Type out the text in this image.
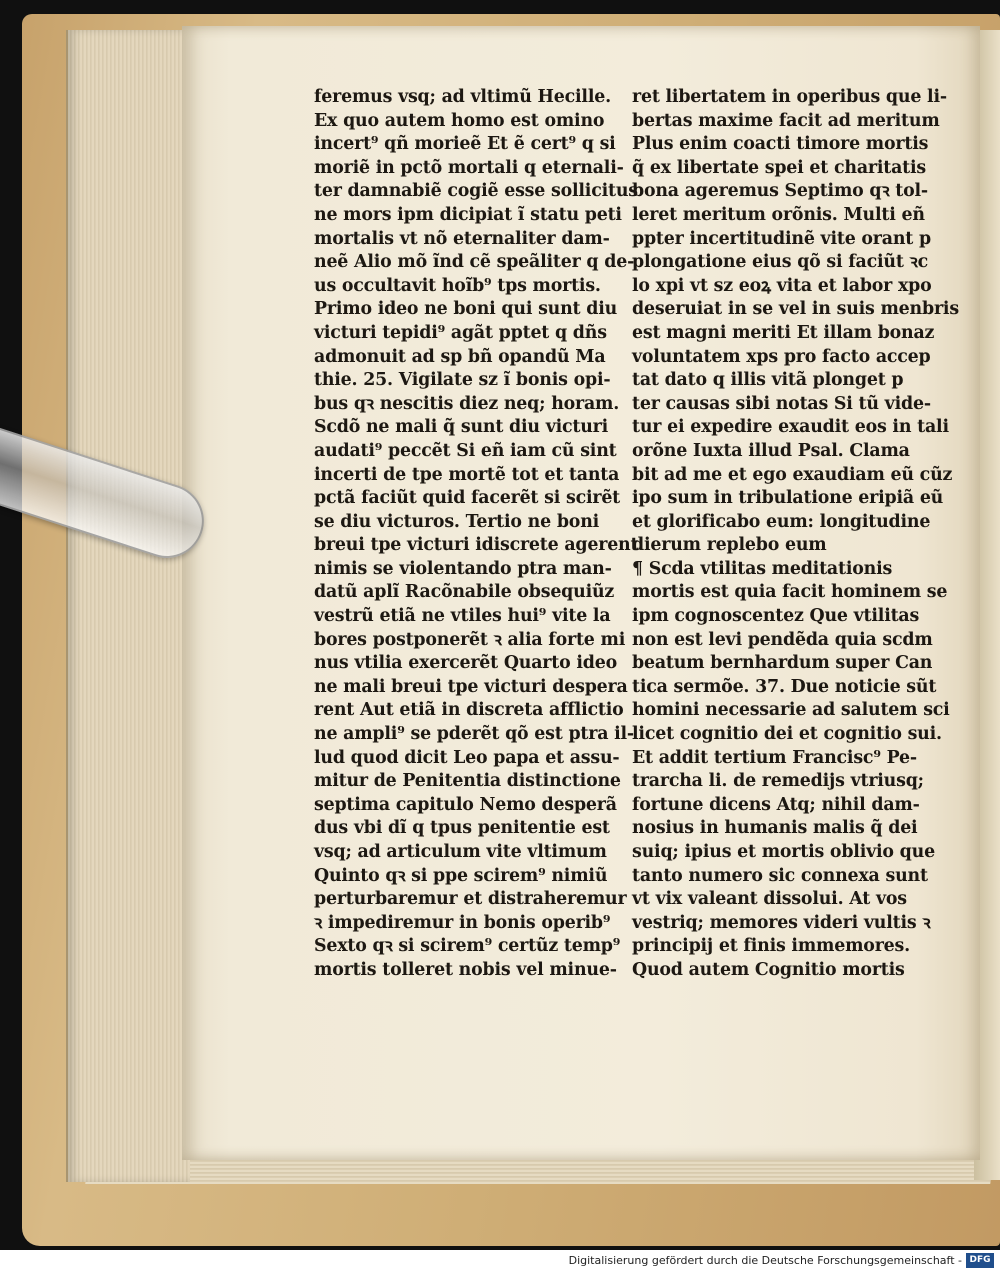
feremus vsq; ad vltimũ Hecille.
Ex quo autem homo est omino
incert⁹ qñ morieẽ Et ẽ cert⁹ q si
moriẽ in pctõ mortali q eternali-
ter damnabiẽ cogiẽ esse sollicitus
ne mors ipm dicipiat ĩ statu peti
mortalis vt nõ eternaliter dam-
neẽ Alio mõ ĩnd cẽ speãliter q de-
us occultavit hoĩb⁹ tps mortis.
Primo ideo ne boni qui sunt diu
victuri tepidi⁹ agãt pptet q dñs
admonuit ad sp bñ opandũ Ma
thie. 25. Vigilate sz ĩ bonis opi-
bus qꝛ nescitis diez neq; horam.
Scdõ ne mali q̃ sunt diu victuri
audati⁹ peccẽt Si eñ iam cũ sint
incerti de tpe mortẽ tot et tanta
pctã faciũt quid facerẽt si scirẽt
se diu victuros. Tertio ne boni
breui tpe victuri idiscrete agerent
nimis se violentando ptra man-
datũ aplĩ Racõnabile obsequiũz
vestrũ etiã ne vtiles hui⁹ vite la
bores postponerẽt ꝛ alia forte mi
nus vtilia exercerẽt Quarto ideo
ne mali breui tpe victuri despera
rent Aut etiã in discreta afflictio
ne ampli⁹ se pderẽt qõ est ptra il-
lud quod dicit Leo papa et assu-
mitur de Penitentia distinctione
septima capitulo Nemo desperã
dus vbi dĩ q tpus penitentie est
vsq; ad articulum vite vltimum
Quinto qꝛ si ppe scirem⁹ nimiũ
perturbaremur et distraheremur
ꝛ impediremur in bonis operib⁹
Sexto qꝛ si scirem⁹ certũz temp⁹
mortis tolleret nobis vel minue-
ret libertatem in operibus que li-
bertas maxime facit ad meritum
Plus enim coacti timore mortis
q̃ ex libertate spei et charitatis
bona ageremus Septimo qꝛ tol-
leret meritum orõnis. Multi eñ
ppter incertitudinẽ vite orant p
plongatione eius qõ si faciũt ꝛc
lo xpi vt sz eoꝝ vita et labor xpo
deseruiat in se vel in suis menbris
est magni meriti Et illam bonaz
voluntatem xps pro facto accep
tat dato q illis vitã plonget p
ter causas sibi notas Si tũ vide-
tur ei expedire exaudit eos in tali
orõne Iuxta illud Psal. Clama
bit ad me et ego exaudiam eũ cũz
ipo sum in tribulatione eripiã eũ
et glorificabo eum: longitudine
dierum replebo eum
¶ Scda vtilitas meditationis
mortis est quia facit hominem se
ipm cognoscentez Que vtilitas
non est levi pendẽda quia scdm
beatum bernhardum super Can
tica sermõe. 37. Due noticie sũt
homini necessarie ad salutem sci
licet cognitio dei et cognitio sui.
Et addit tertium Francisc⁹ Pe-
trarcha li. de remedijs vtriusq;
fortune dicens Atq; nihil dam-
nosius in humanis malis q̃ dei
suiq; ipius et mortis oblivio que
tanto numero sic connexa sunt
vt vix valeant dissolui. At vos
vestriq; memores videri vultis ꝛ
principij et finis immemores.
Quod autem Cognitio mortis
Digitalisierung gefördert durch die Deutsche Forschungsgemeinschaft - DFG
